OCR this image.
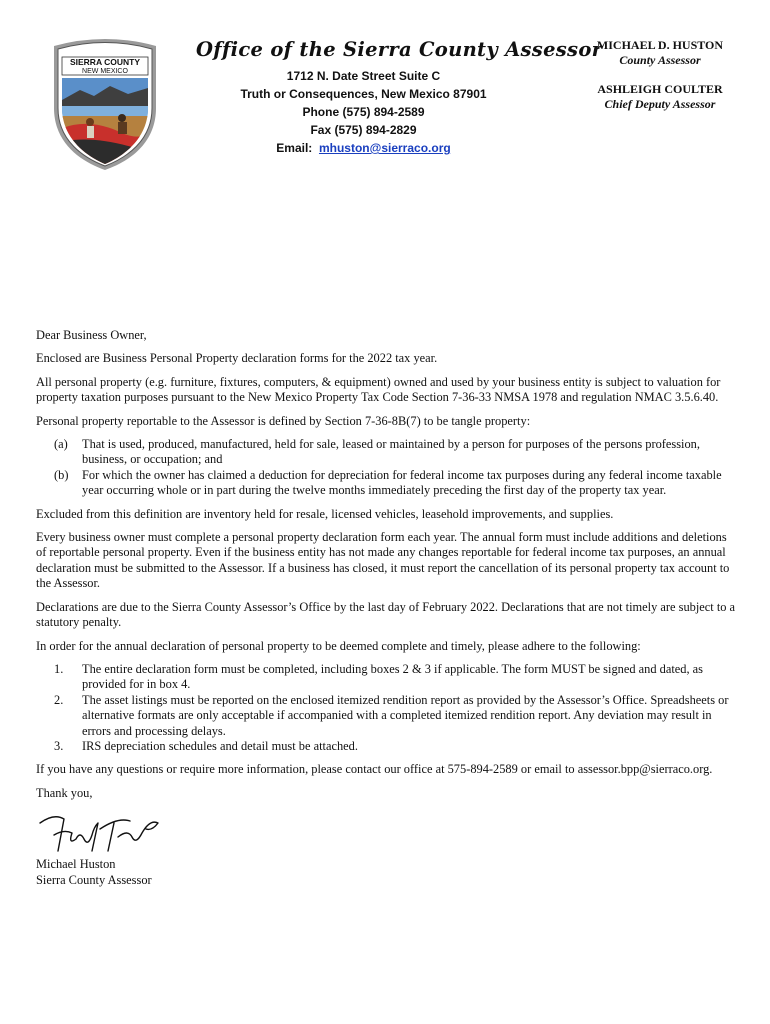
SIERRA COUNTY
NEW MEXICO
Office of the Sierra County Assessor
1712 N. Date Street Suite C
Truth or Consequences, New Mexico 87901
Phone (575) 894-2589
Fax (575) 894-2829
Email: mhuston@sierraco.org
MICHAEL D. HUSTON
County Assessor
ASHLEIGH COULTER
Chief Deputy Assessor

Dear Business Owner,

Enclosed are Business Personal Property declaration forms for the 2022 tax year.

All personal property (e.g. furniture, fixtures, computers, & equipment) owned and used by your business entity is subject to valuation for property taxation purposes pursuant to the New Mexico Property Tax Code Section 7-36-33 NMSA 1978 and regulation NMAC 3.5.6.40.

Personal property reportable to the Assessor is defined by Section 7-36-8B(7) to be tangle property:

(a) That is used, produced, manufactured, held for sale, leased or maintained by a person for purposes of the persons profession, business, or occupation; and
(b) For which the owner has claimed a deduction for depreciation for federal income tax purposes during any federal income taxable year occurring whole or in part during the twelve months immediately preceding the first day of the property tax year.

Excluded from this definition are inventory held for resale, licensed vehicles, leasehold improvements, and supplies.

Every business owner must complete a personal property declaration form each year. The annual form must include additions and deletions of reportable personal property. Even if the business entity has not made any changes reportable for federal income tax purposes, an annual declaration must be submitted to the Assessor. If a business has closed, it must report the cancellation of its personal property tax account to the Assessor.

Declarations are due to the Sierra County Assessor’s Office by the last day of February 2022. Declarations that are not timely are subject to a statutory penalty.

In order for the annual declaration of personal property to be deemed complete and timely, please adhere to the following:

1. The entire declaration form must be completed, including boxes 2 & 3 if applicable. The form MUST be signed and dated, as provided for in box 4.
2. The asset listings must be reported on the enclosed itemized rendition report as provided by the Assessor’s Office. Spreadsheets or alternative formats are only acceptable if accompanied with a completed itemized rendition report. Any deviation may result in errors and processing delays.
3. IRS depreciation schedules and detail must be attached.

If you have any questions or require more information, please contact our office at 575-894-2589 or email to assessor.bpp@sierraco.org.

Thank you,

Michael Huston
Sierra County Assessor
